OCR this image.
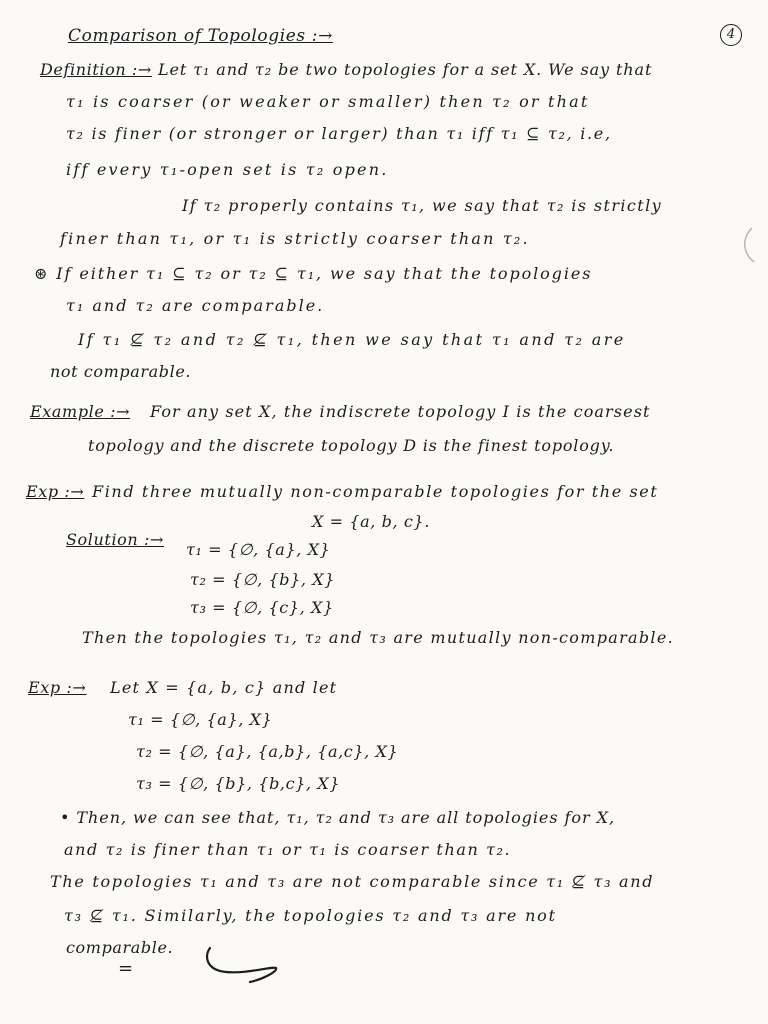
Comparison of Topologies :→	4
Definition :→ Let τ₁ and τ₂ be two topologies for a set X. We say that
τ₁ is coarser (or weaker or smaller) then τ₂ or that
τ₂ is finer (or stronger or larger) than τ₁ iff τ₁ ⊆ τ₂, i.e,
iff every τ₁-open set is τ₂ open.
If τ₂ properly contains τ₁, we say that τ₂ is strictly
finer than τ₁, or τ₁ is strictly coarser than τ₂.
⊛ If either τ₁ ⊆ τ₂ or τ₂ ⊆ τ₁, we say that the topologies
τ₁ and τ₂ are comparable.
If τ₁ ⊈ τ₂ and τ₂ ⊈ τ₁, then we say that τ₁ and τ₂ are
not comparable.
Example :→ For any set X, the indiscrete topology I is the coarsest
topology and the discrete topology D is the finest topology.
Exp :→ Find three mutually non-comparable topologies for the set
X = {a, b, c}.
Solution :→
τ₁ = {∅, {a}, X}
τ₂ = {∅, {b}, X}
τ₃ = {∅, {c}, X}
Then the topologies τ₁, τ₂ and τ₃ are mutually non-comparable.
Exp :→ Let X = {a, b, c} and let
τ₁ = {∅, {a}, X}
τ₂ = {∅, {a}, {a,b}, {a,c}, X}
τ₃ = {∅, {b}, {b,c}, X}
• Then, we can see that, τ₁, τ₂ and τ₃ are all topologies for X,
and τ₂ is finer than τ₁ or τ₁ is coarser than τ₂.
The topologies τ₁ and τ₃ are not comparable since τ₁ ⊈ τ₃ and
τ₃ ⊈ τ₁. Similarly, the topologies τ₂ and τ₃ are not
comparable.
=
